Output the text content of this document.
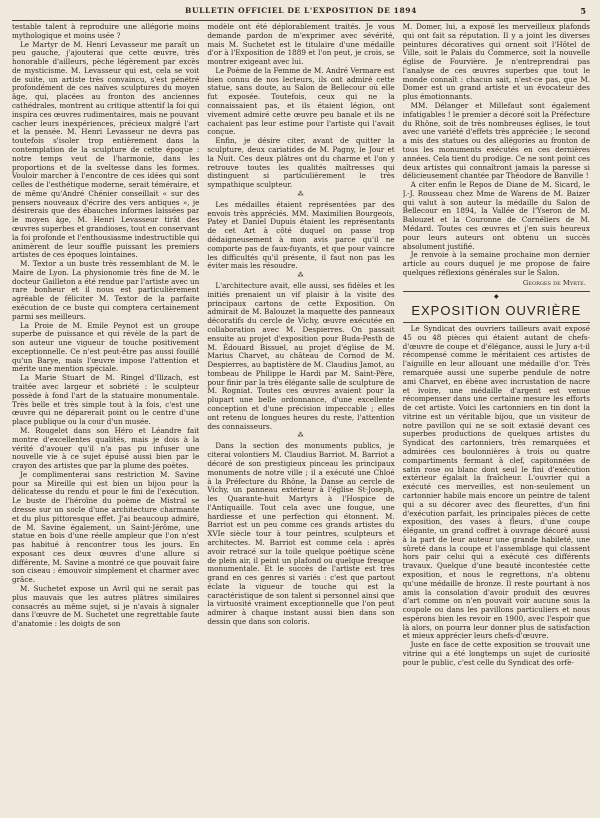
BULLETIN OFFICIEL DE L'EXPOSITION DE 1894	5

testable talent à reproduire une allégorie moins mythologique et moins usée ?

Le Martyr de M. Henri Levasseur me paraît un peu gauche, j'ajouterai que cette œuvre, très honorable d'ailleurs, pèche légèrement par excès de mysticisme. M. Levasseur qui est, cela se voit de suite, un artiste très convaincu, s'est pénétré profondément de ces naïves sculptures du moyen âge, qui, placées au fronton des anciennes cathédrales, montrent au critique attentif la foi qui inspira ces œuvres rudimentaires, mais ne pouvant cacher leurs inexpériences, précieux malgré l'art et la pensée. M. Henri Levasseur ne devra pas toutefois s'isoler trop entièrement dans la contemplation de la sculpture de cette époque : notre temps veut de l'harmonie, dans les proportions et de la sveltesse dans les formes. Vouloir marcher à l'encontre de ces idées qui sont celles de l'esthétique moderne, serait téméraire, et de même qu'André Chénier conseillait « sur des pensers nouveaux d'écrire des vers antiques », je désirerais que des ébauches informes laissées par le moyen âge, M. Henri Levasseur tirât des œuvres superbes et grandioses, tout en conservant la foi profonde et l'enthousiasme indestructible qui animèrent de leur souffle puissant les premiers artistes de ces époques lointaines.

M. Textor a un buste très ressemblant de M. le Maire de Lyon. La physionomie très fine de M. le docteur Gailleton a été rendue par l'artiste avec un rare bonheur et il nous est particulièrement agréable de féliciter M. Textor de la parfaite exécution de ce buste qui comptera certainement parmi ses meilleurs.

La Proie de M. Emile Peynot est un groupe superbe de puissance et qui révèle de la part de son auteur une vigueur de touche positivement exceptionnelle. Ce n'est peut-être pas aussi fouillé qu'un Barye, mais l'œuvre impose l'attention et mérite une mention spéciale.

La Marie Stuart de M. Ringel d'Illzach, est traitée avec largeur et sobriété : le sculpteur possède à fond l'art de la statuaire monumentale. Très belle et très simple tout à la fois, c'est une œuvre qui ne déparerait point ou le centre d'une place publique ou la cour d'un musée.

M. Rougelet dans son Héro et Léandre fait montre d'excellentes qualités, mais je dois à la vérité d'avouer qu'il n'a pas pu infuser une nouvelle vie à ce sujet épuisé aussi bien par le crayon des artistes que par la plume des poètes.

Je complimenterai sans restriction M. Savine pour sa Mireille qui est bien un bijou pour la délicatesse du rendu et pour le fini de l'exécution. Le buste de l'héroïne du poème de Mistral se dresse sur un socle d'une architecture charmante et du plus pittoresque effet. J'ai beaucoup admiré, de M. Savine également, un Saint-Jérôme, une statue en bois d'une réelle ampleur que l'on n'est pas habitué à rencontrer tous les jours. En exposant ces deux œuvres d'une allure si différente, M. Savine a montré ce que pouvait faire son ciseau : émouvoir simplement et charmer avec grâce.

M. Suchetet expose un Avril qui ne serait pas plus mauvais que les autres plâtres similaires consacrés au même sujet, si je n'avais à signaler dans l'œuvre de M. Suchetet une regrettable faute d'anatomie : les doigts de son

modèle ont été déplorablement traités. Je vous demande pardon de m'exprimer avec sévérité, mais M. Suchetet est le titulaire d'une médaille d'or à l'Exposition de 1889 et l'on peut, je crois, se montrer exigeant avec lui.

Le Poème de la Femme de M. André Vermare est bien connu de nos lecteurs, ils ont admiré cette statue, sans doute, au Salon de Bellecour où elle fut exposée. Toutefois, ceux qui ne la connaissaient pas, et ils étaient légion, ont vivement admiré cette œuvre peu banale et ils ne cachaient pas leur estime pour l'artiste qui l'avait conçue.

Enfin, je désire citer, avant de quitter la sculpture, deux cariatides de M. Pagny, le Jour et la Nuit. Ces deux plâtres ont du charme et l'on y retrouve toutes les qualités maîtresses qui distinguent si particulièrement le très sympathique sculpteur.

⁂

Les médailles étaient représentées par des envois très appréciés. MM. Maximilien Bourgeois, Patey et Daniel Dupuis étaient les représentants de cet Art à côté duquel on passe trop dédaigneusement à mon avis parce qu'il ne comporte pas de faux-fuyants, et que pour vaincre les difficultés qu'il présente, il faut non pas les éviter mais les résoudre.

⁂

L'architecture avait, elle aussi, ses fidèles et les initiés prenaient un vif plaisir à la visite des principaux cartons de cette Exposition. On admirait de M. Balouzet la maquette des panneaux décoratifs du cercle de Vichy, œuvre exécutée en collaboration avec M. Despierres. On passait ensuite au projet d'exposition pour Buda-Pesth de M. Édouard Bissuel, au projet d'église de M. Marius Charvet, au château de Cornod de M. Despierres, au baptistère de M. Claudius Jamot, au tombeau de Philippe le Hardi par M. Saint-Père, pour finir par la très élégante salle de sculpture de M. Rogniat. Toutes ces œuvres avaient pour la plupart une belle ordonnance, d'une excellente conception et d'une précision impeccable ; elles ont retenu de longues heures du reste, l'attention des connaisseurs.

⁂

Dans la section des monuments publics, je citerai volontiers M. Claudius Barriot. M. Barriot a décoré de son prestigieux pinceau les principaux monuments de notre ville ; il a exécuté une Chloé à la Préfecture du Rhône, la Danse au cercle de Vichy, un panneau extérieur à l'église St-Joseph, les Quarante-huit Martyrs à l'Hospice de l'Antiquaille. Tout cela avec une fougue, une hardiesse et une perfection qui étonnent. M. Barriot est un peu comme ces grands artistes du XVIe siècle tour à tour peintres, sculpteurs et architectes. M. Barriot est comme cela : après avoir retracé sur la toile quelque poétique scène de plein air, il peint un plafond ou quelque fresque monumentale. Et le succès de l'artiste est très grand en ces genres si variés : c'est que partout éclate la vigueur de touche qui est la caractéristique de son talent si personnel ainsi que la virtuosité vraiment exceptionnelle que l'on peut admirer à chaque instant aussi bien dans son dessin que dans son coloris.

M. Domer, lui, a exposé les merveilleux plafonds qui ont fait sa réputation. Il y a joint les diverses peintures décoratives qui ornent soit l'Hôtel de Ville, soit le Palais du Commerce, soit la nouvelle église de Fourvière. Je n'entreprendrai pas l'analyse de ces œuvres superbes que tout le monde connaît : chacun sait, n'est-ce pas, que M. Domer est un grand artiste et un évocateur des plus émotionnants.

MM. Délanger et Millefaut sont également infatigables ! le premier a décoré soit la Préfecture du Rhône, soit de très nombreuses églises, le tout avec une variété d'effets très appréciée ; le second a mis des statues ou des allégories au fronton de tous les monuments exécutés en ces dernières années. Cela tient du prodige. Ce ne sont point ces deux artistes qui connaîtront jamais la paresse si délicieusement chantée par Théodore de Banville !

A citer enfin le Repos de Diane de M. Sicard, le J.-J. Rousseau chez Mme de Warens de M. Baizer qui valut à son auteur la médaille du Salon de Bellecour en 1894, la Vallée de l'Yseron de M. Balouzet et la Couronne de Cornéliers de M. Médard. Toutes ces œuvres et j'en suis heureux pour leurs auteurs ont obtenu un succès absolument justifié.

Je renvoie à la semaine prochaine mon dernier article au cours duquel je me propose de faire quelques réflexions générales sur le Salon.

Georges de Myrte.
◆
EXPOSITION OUVRIÈRE

Le Syndicat des ouvriers tailleurs avait exposé 45 ou 48 pièces qui étaient autant de chefs-d'œuvre de coupe et d'élégance, aussi le Jury a-t-il récompensé comme le méritaient ces artistes de l'aiguille en leur allouant une médaille d'or. Très remarquée aussi une superbe pendule de notre ami Charvet, en ébène avec incrustation de nacre et ivoire, une médaille d'argent est venue récompenser dans une certaine mesure les efforts de cet artiste. Voici les cartonniers en tin dont la vitrine est un véritable bijou, que un visiteur de notre pavillon qui ne se soit extasié devant ces superbes productions de quelques artistes du Syndicat des cartonniers, très remarquées et admirées ces boulonnières à trois ou quatre compartiments fermant à clef, capitonnées de satin rose ou blanc dont seul le fini d'exécution extérieur égalait la fraîcheur. L'ouvrier qui a exécuté ces merveilles, est non-seulement un cartonnier habile mais encore un peintre de talent qui a su décorer avec des fleurettes, d'un fini d'exécution parfait, les principales pièces de cette exposition, des vases à fleurs, d'une coupe élégante, un grand coffret à ouvrage décoré aussi à la part de leur auteur une grande habileté, une sûreté dans la coupe et l'assemblage qui classent hors pair celui qui a exécuté ces différents travaux. Quelque d'une beauté incontestée cette exposition, et nous le regrettons, n'a obtenu qu'une médaille de bronze. Il reste pourtant à nos amis la consolation d'avoir produit des œuvres d'art comme on n'en pouvait voir aucune sous la coupole ou dans les pavillons particuliers et nous espérons bien les revoir en 1900, avec l'espoir que là alors, on pourra leur donner plus de satisfaction et mieux apprécier leurs chefs-d'œuvre.

Juste en face de cette exposition se trouvait une vitrine qui a été longtemps un sujet de curiosité pour le public, c'est celle du Syndicat des orfè-
